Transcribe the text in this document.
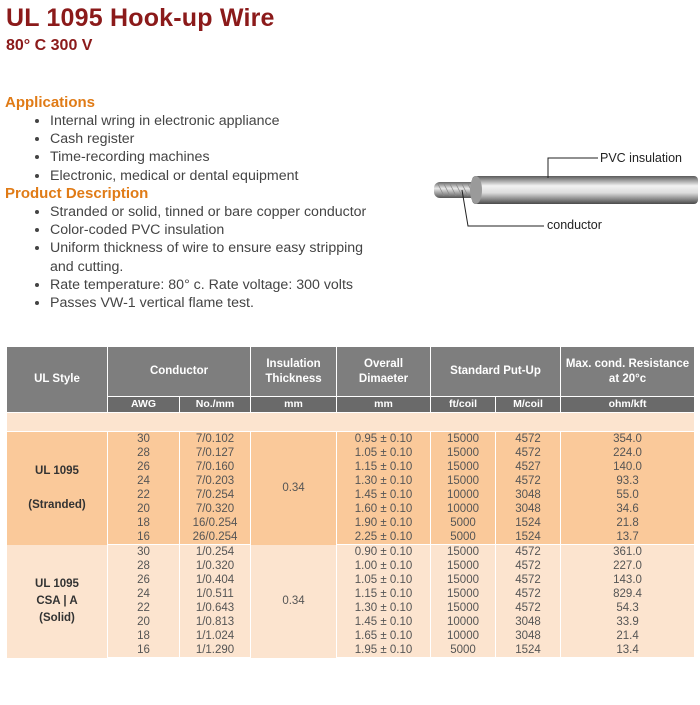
UL 1095 Hook-up Wire
80° C 300 V
Applications
• Internal wring in electronic appliance
• Cash register
• Time-recording machines
• Electronic, medical or dental equipment
Product Description
• Stranded or solid, tinned or bare copper conductor
• Color-coded PVC insulation
• Uniform thickness of wire to ensure easy stripping
and cutting.
• Rate temperature: 80° c. Rate voltage: 300 volts
• Passes VW-1 vertical flame test.
PVC insulation
conductor
UL Style	Conductor		Insulation Thickness	Overall Dimaeter	Standard Put-Up		Max. cond. Resistance at 20°c
	AWG	No./mm	mm	mm	ft/coil	M/coil	ohm/kft

UL 1095

(Stranded)	30	7/0.102	0.34	0.95 ± 0.10	15000	4572	354.0
	28	7/0.127		1.05 ± 0.10	15000	4572	224.0
	26	7/0.160		1.15 ± 0.10	15000	4527	140.0
	24	7/0.203		1.30 ± 0.10	15000	4572	93.3
	22	7/0.254		1.45 ± 0.10	10000	3048	55.0
	20	7/0.320		1.60 ± 0.10	10000	3048	34.6
	18	16/0.254		1.90 ± 0.10	5000	1524	21.8
	16	26/0.254		2.25 ± 0.10	5000	1524	13.7

UL 1095
CSA | A
(Solid)	30	1/0.254	0.34	0.90 ± 0.10	15000	4572	361.0
	28	1/0.320		1.00 ± 0.10	15000	4572	227.0
	26	1/0.404		1.05 ± 0.10	15000	4572	143.0
	24	1/0.511		1.15 ± 0.10	15000	4572	829.4
	22	1/0.643		1.30 ± 0.10	15000	4572	54.3
	20	1/0.813		1.45 ± 0.10	10000	3048	33.9
	18	1/1.024		1.65 ± 0.10	10000	3048	21.4
	16	1/1.290		1.95 ± 0.10	5000	1524	13.4
